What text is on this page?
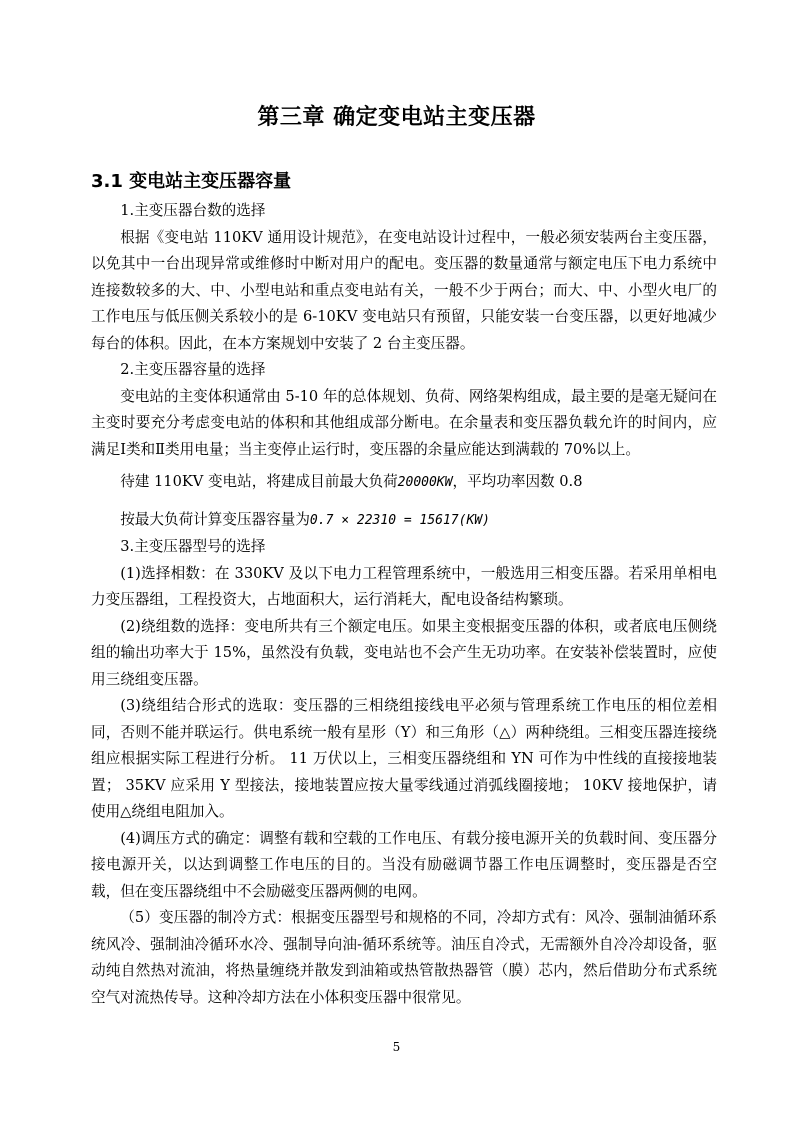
第三章 确定变电站主变压器
3.1 变电站主变压器容量

1.主变压器台数的选择

根据《变电站 110KV 通用设计规范》，在变电站设计过程中，一般必须安装两台主变压器，以免其中一台出现异常或维修时中断对用户的配电。变压器的数量通常与额定电压下电力系统中连接数较多的大、中、小型电站和重点变电站有关，一般不少于两台；而大、中、小型火电厂的工作电压与低压侧关系较小的是 6-10KV 变电站只有预留，只能安装一台变压器，以更好地减少每台的体积。因此，在本方案规划中安装了 2 台主变压器。

2.主变压器容量的选择

变电站的主变体积通常由 5-10 年的总体规划、负荷、网络架构组成，最主要的是毫无疑问在主变时要充分考虑变电站的体积和其他组成部分断电。在余量表和变压器负载允许的时间内，应满足Ⅰ类和Ⅱ类用电量；当主变停止运行时，变压器的余量应能达到满载的 70%以上。

待建 110KV 变电站，将建成目前最大负荷20000KW，平均功率因数 0.8

按最大负荷计算变压器容量为0.7 × 22310 = 15617(KW)

3.主变压器型号的选择

(1)选择相数：在 330KV 及以下电力工程管理系统中，一般选用三相变压器。若采用单相电力变压器组，工程投资大，占地面积大，运行消耗大，配电设备结构繁琐。

(2)绕组数的选择：变电所共有三个额定电压。如果主变根据变压器的体积，或者底电压侧绕组的输出功率大于 15%，虽然没有负载，变电站也不会产生无功功率。在安装补偿装置时，应使用三绕组变压器。

(3)绕组结合形式的选取：变压器的三相绕组接线电平必须与管理系统工作电压的相位差相同，否则不能并联运行。供电系统一般有星形（Y）和三角形（△）两种绕组。三相变压器连接绕组应根据实际工程进行分析。 11 万伏以上，三相变压器绕组和 YN 可作为中性线的直接接地装置； 35KV 应采用 Y 型接法，接地装置应按大量零线通过消弧线圈接地； 10KV 接地保护，请使用△绕组电阻加入。

(4)调压方式的确定：调整有载和空载的工作电压、有载分接电源开关的负载时间、变压器分接电源开关，以达到调整工作电压的目的。当没有励磁调节器工作电压调整时，变压器是否空载，但在变压器绕组中不会励磁变压器两侧的电网。

（5）变压器的制冷方式：根据变压器型号和规格的不同，冷却方式有：风冷、强制油循环系统风冷、强制油冷循环水冷、强制导向油-循环系统等。油压自冷式，无需额外自冷冷却设备，驱动纯自然热对流油，将热量缠绕并散发到油箱或热管散热器管（膜）芯内，然后借助分布式系统空气对流热传导。这种冷却方法在小体积变压器中很常见。

5
